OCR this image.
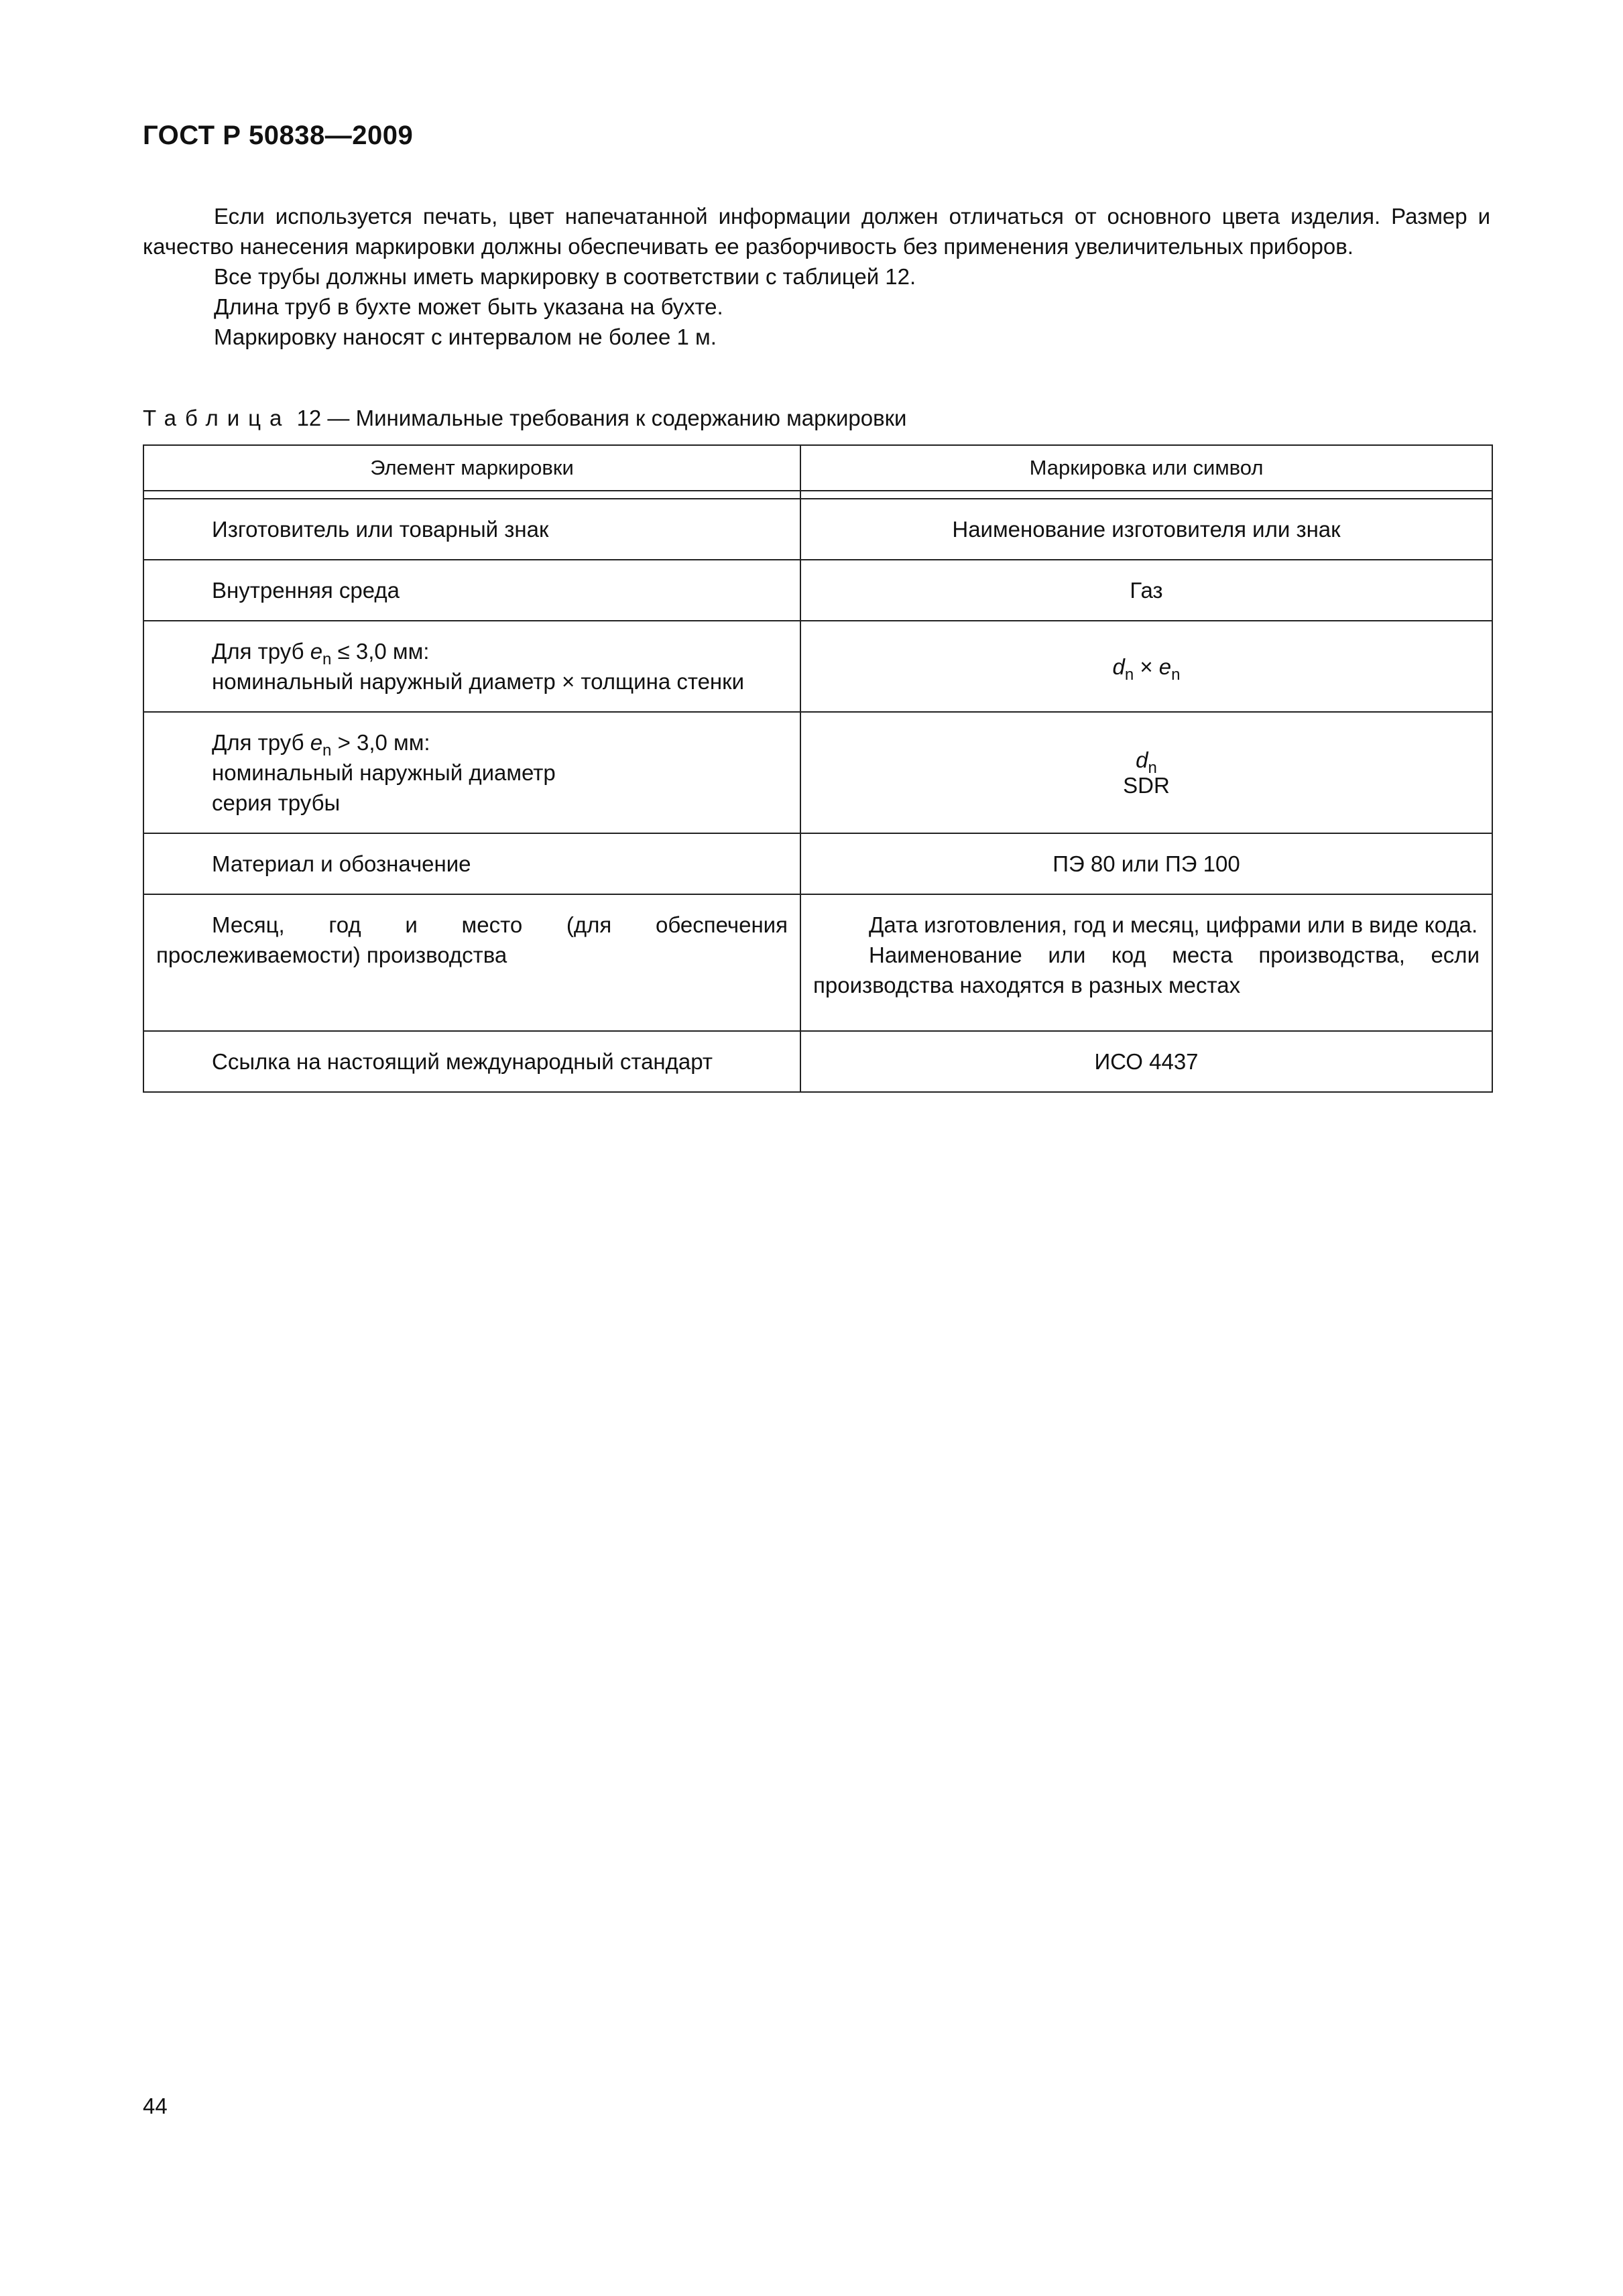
ГОСТ Р 50838—2009

Если используется печать, цвет напечатанной информации должен отличаться от основного цвета изделия. Размер и качество нанесения маркировки должны обеспечивать ее разборчивость без применения увеличительных приборов.

Все трубы должны иметь маркировку в соответствии с таблицей 12.

Длина труб в бухте может быть указана на бухте.

Маркировку наносят с интервалом не более 1 м.

Таблица 12 — Минимальные требования к содержанию маркировки
Элемент маркировки	Маркировка или символ

Изготовитель или товарный знак	Наименование изготовителя или знак

Внутренняя среда	Газ

Для труб $e_n \le 3,0$ мм:
номинальный наружный диаметр × толщина стенки	$d_n \times e_n$

Для труб $e_n > 3,0$ мм:
номинальный наружный диаметр
серия трубы	$d_n$
SDR

Материал и обозначение	ПЭ 80 или ПЭ 100

Месяц, год и место (для обеспечения прослеживаемости) производства	Дата изготовления, год и месяц, цифрами или в виде кода.
Наименование или код места производства, если производства находятся в разных местах

Ссылка на настоящий международный стандарт	ИСО 4437
44
